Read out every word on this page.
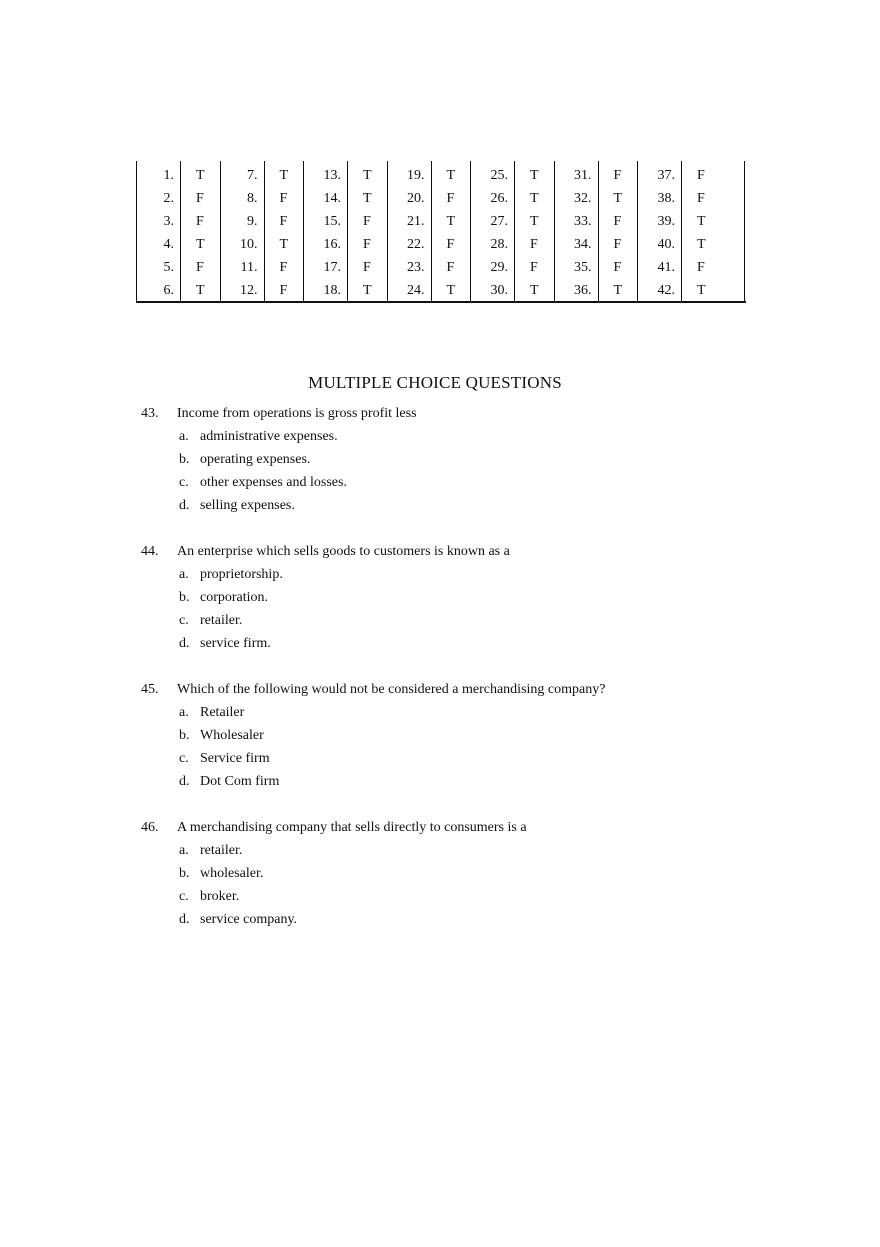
1. T
2. F
3. F
4. T
5. F
6. T
7. T
8. F
9. F
10. T
11. F
12. F
13. T
14. T
15. F
16. F
17. F
18. T
19. T
20. F
21. T
22. F
23. F
24. T
25. T
26. T
27. T
28. F
29. F
30. T
31. F
32. T
33. F
34. F
35. F
36. T
37. F
38. F
39. T
40. T
41. F
42. T
MULTIPLE CHOICE QUESTIONS
43. Income from operations is gross profit less
a. administrative expenses.
b. operating expenses.
c. other expenses and losses.
d. selling expenses.
44. An enterprise which sells goods to customers is known as a
a. proprietorship.
b. corporation.
c. retailer.
d. service firm.
45. Which of the following would not be considered a merchandising company?
a. Retailer
b. Wholesaler
c. Service firm
d. Dot Com firm
46. A merchandising company that sells directly to consumers is a
a. retailer.
b. wholesaler.
c. broker.
d. service company.
